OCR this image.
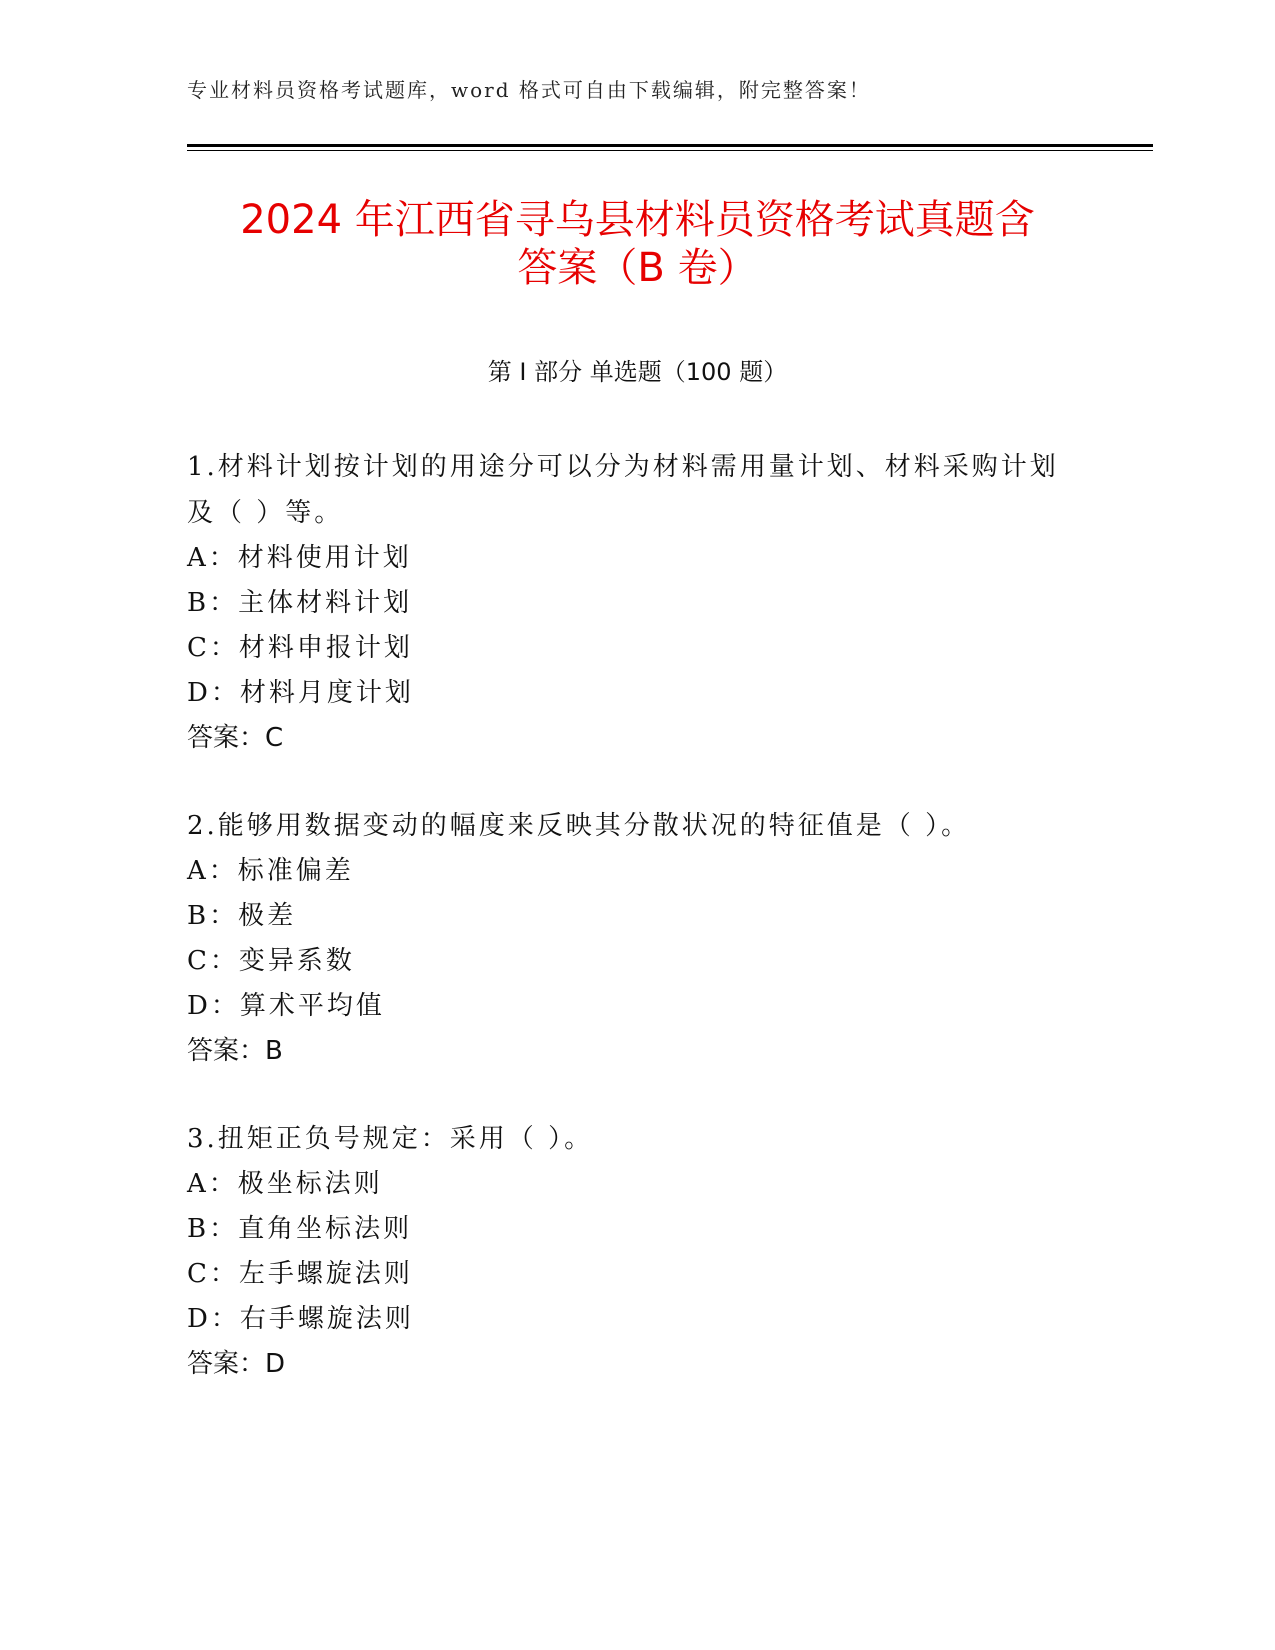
专业材料员资格考试题库，word 格式可自由下载编辑，附完整答案！
2024 年江西省寻乌县材料员资格考试真题含
答案（B 卷）
第 I 部分 单选题（100 题）
1.材料计划按计划的用途分可以分为材料需用量计划、材料采购计划及（ ）等。
A：材料使用计划
B：主体材料计划
C：材料申报计划
D：材料月度计划
答案：C
2.能够用数据变动的幅度来反映其分散状况的特征值是（ ）。
A：标准偏差
B：极差
C：变异系数
D：算术平均值
答案：B
3.扭矩正负号规定：采用（ ）。
A：极坐标法则
B：直角坐标法则
C：左手螺旋法则
D：右手螺旋法则
答案：D
